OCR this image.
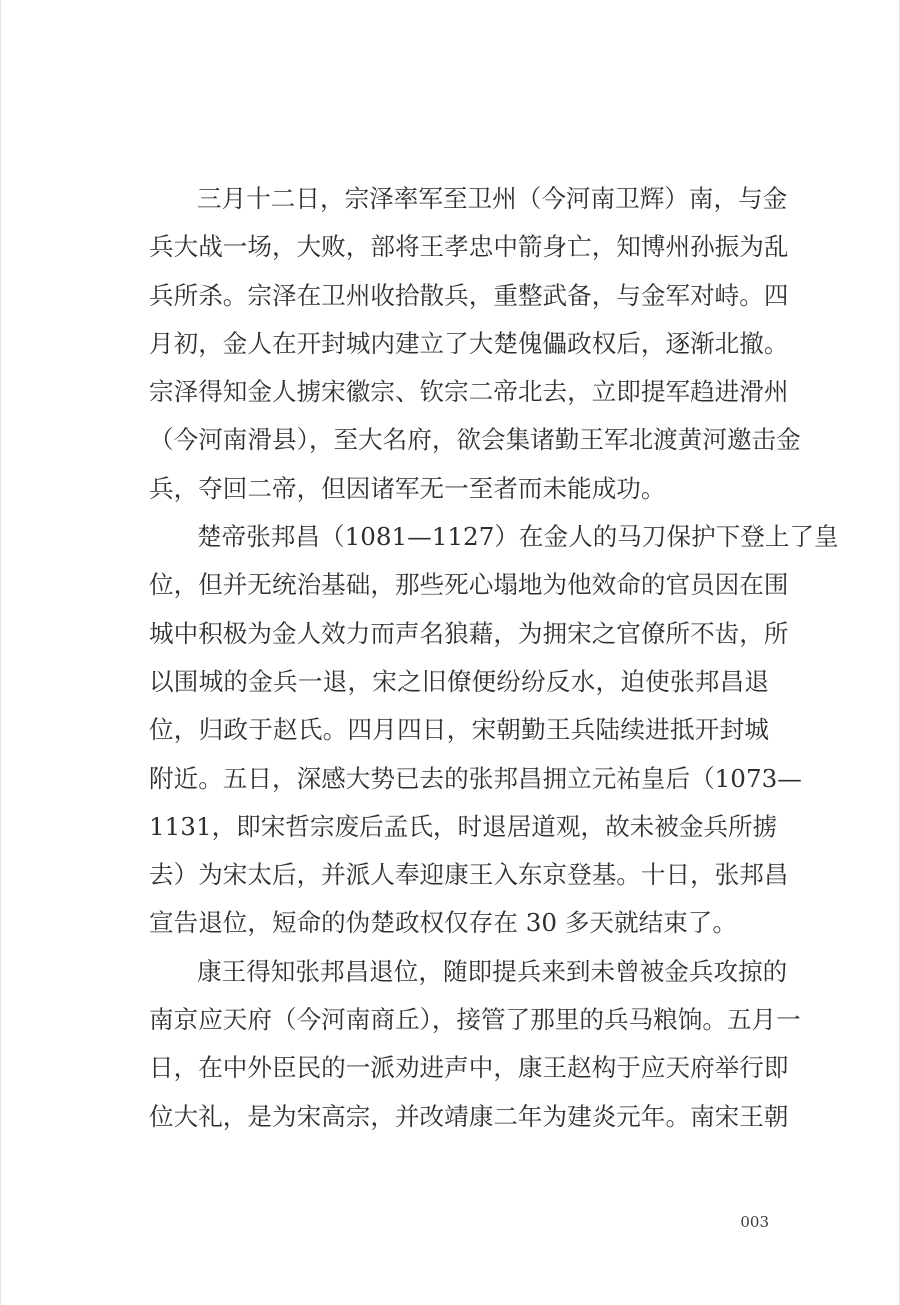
三月十二日，宗泽率军至卫州（今河南卫辉）南，与金
兵大战一场，大败，部将王孝忠中箭身亡，知博州孙振为乱
兵所杀。宗泽在卫州收拾散兵，重整武备，与金军对峙。四
月初，金人在开封城内建立了大楚傀儡政权后，逐渐北撤。
宗泽得知金人掳宋徽宗、钦宗二帝北去，立即提军趋进滑州
（今河南滑县），至大名府，欲会集诸勤王军北渡黄河邀击金
兵，夺回二帝，但因诸军无一至者而未能成功。
楚帝张邦昌（1081—1127）在金人的马刀保护下登上了皇
位，但并无统治基础，那些死心塌地为他效命的官员因在围
城中积极为金人效力而声名狼藉，为拥宋之官僚所不齿，所
以围城的金兵一退，宋之旧僚便纷纷反水，迫使张邦昌退
位，归政于赵氏。四月四日，宋朝勤王兵陆续进抵开封城
附近。五日，深感大势已去的张邦昌拥立元祐皇后（1073—
1131，即宋哲宗废后孟氏，时退居道观，故未被金兵所掳
去）为宋太后，并派人奉迎康王入东京登基。十日，张邦昌
宣告退位，短命的伪楚政权仅存在 30 多天就结束了。
康王得知张邦昌退位，随即提兵来到未曾被金兵攻掠的
南京应天府（今河南商丘），接管了那里的兵马粮饷。五月一
日，在中外臣民的一派劝进声中，康王赵构于应天府举行即
位大礼，是为宋高宗，并改靖康二年为建炎元年。南宋王朝
003
